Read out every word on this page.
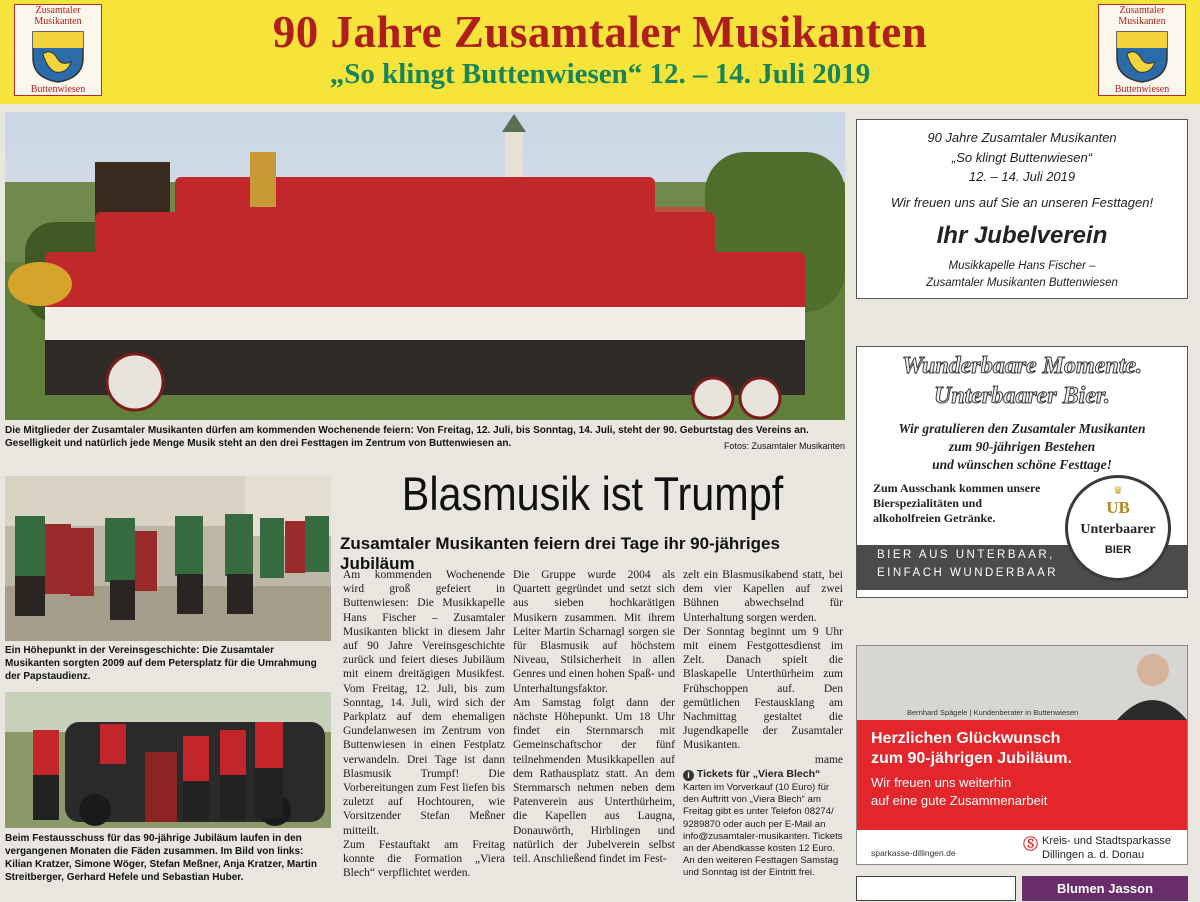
Zusamtaler Musikanten
Buttenwiesen
Zusamtaler Musikanten
Buttenwiesen
90 Jahre Zusamtaler Musikanten
„So klingt Buttenwiesen“ 12. – 14. Juli 2019
Die Mitglieder der Zusamtaler Musikanten dürfen am kommenden Wochenende feiern: Von Freitag, 12. Juli, bis Sonntag, 14. Juli, steht der 90. Geburtstag des Vereins an. Geselligkeit und natürlich jede Menge Musik steht an den drei Festtagen im Zentrum von Buttenwiesen an.	Fotos: Zusamtaler Musikanten
Ein Höhepunkt in der Vereinsgeschichte: Die Zusamtaler Musikanten sorgten 2009 auf dem Petersplatz für die Umrahmung der Papstaudienz.
Beim Festausschuss für das 90-jährige Jubiläum laufen in den vergangenen Monaten die Fäden zusammen. Im Bild von links: Kilian Kratzer, Simone Wöger, Stefan Meßner, Anja Kratzer, Martin Streitberger, Gerhard Hefele und Sebastian Huber.
Blasmusik ist Trumpf
Zusamtaler Musikanten feiern drei Tage ihr 90-jähriges Jubiläum

Am kommenden Wochenende wird groß gefeiert in Buttenwiesen: Die Musikkapelle Hans Fischer – Zusamtaler Musikanten blickt in diesem Jahr auf 90 Jahre Vereinsgeschichte zurück und feiert dieses Jubiläum mit einem dreitägigen Musikfest. Vom Freitag, 12. Juli, bis zum Sonntag, 14. Juli, wird sich der Parkplatz auf dem ehemaligen Gundelanwesen im Zentrum von Buttenwiesen in einen Festplatz verwandeln. Drei Tage ist dann Blasmusik Trumpf! Die Vorbereitungen zum Fest liefen bis zuletzt auf Hochtouren, wie Vorsitzender Stefan Meßner mitteilt.

Zum Festauftakt am Freitag konnte die Formation „Viera Blech“ verpflichtet werden.

Die Gruppe wurde 2004 als Quartett gegründet und setzt sich aus sieben hochkarätigen Musikern zusammen. Mit ihrem Leiter Martin Scharnagl sorgen sie für Blasmusik auf höchstem Niveau, Stilsicherheit in allen Genres und einen hohen Spaß- und Unterhaltungsfaktor.

Am Samstag folgt dann der nächste Höhepunkt. Um 18 Uhr findet ein Sternmarsch mit Gemeinschaftschor der fünf teilnehmenden Musikkapellen auf dem Rathausplatz statt. An dem Sternmarsch nehmen neben dem Patenverein aus Unterthürheim, die Kapellen aus Laugna, Donauwörth, Hirblingen und natürlich der Jubelverein selbst teil. Anschließend findet im Fest-

zelt ein Blasmusikabend statt, bei dem vier Kapellen auf zwei Bühnen abwechselnd für Unterhaltung sorgen werden.

Der Sonntag beginnt um 9 Uhr mit einem Festgottesdienst im Zelt. Danach spielt die Blaskapelle Unterthürheim zum Frühschoppen auf. Den gemütlichen Festausklang am Nachmittag gestaltet die Jugendkapelle der Zusamtaler Musikanten.

mame

i Tickets für „Viera Blech“
Karten im Vorverkauf (10 Euro) für den Auftritt von „Viera Blech“ am Freitag gibt es unter Telefon 08274/ 9289870 oder auch per E-Mail an info@zusamtaler-musikanten. Tickets an der Abendkasse kosten 12 Euro. An den weiteren Festtagen Samstag und Sonntag ist der Eintritt frei.
90 Jahre Zusamtaler Musikanten
„So klingt Buttenwiesen“
12. – 14. Juli 2019
Wir freuen uns auf Sie an unseren Festtagen!
Ihr Jubelverein
Musikkapelle Hans Fischer –
Zusamtaler Musikanten Buttenwiesen
Wunderbaare Momente.
Unterbaarer Bier.
Wir gratulieren den Zusamtaler Musikanten
zum 90-jährigen Bestehen
und wünschen schöne Festtage!
Zum Ausschank kommen unsere Bierspezialitäten und alkoholfreien Getränke.
BIER AUS UNTERBAAR,
EINFACH WUNDERBAAR
♛
UB
Unterbaarer
BIER
Bernhard Spägele | Kundenberater in Buttenwiesen
Herzlichen Glückwunsch
zum 90-jährigen Jubiläum.
Wir freuen uns weiterhin
auf eine gute Zusammenarbeit
sparkasse-dillingen.de	Ⓢ Kreis- und Stadtsparkasse
Dillingen a. d. Donau
Blumen Jasson
